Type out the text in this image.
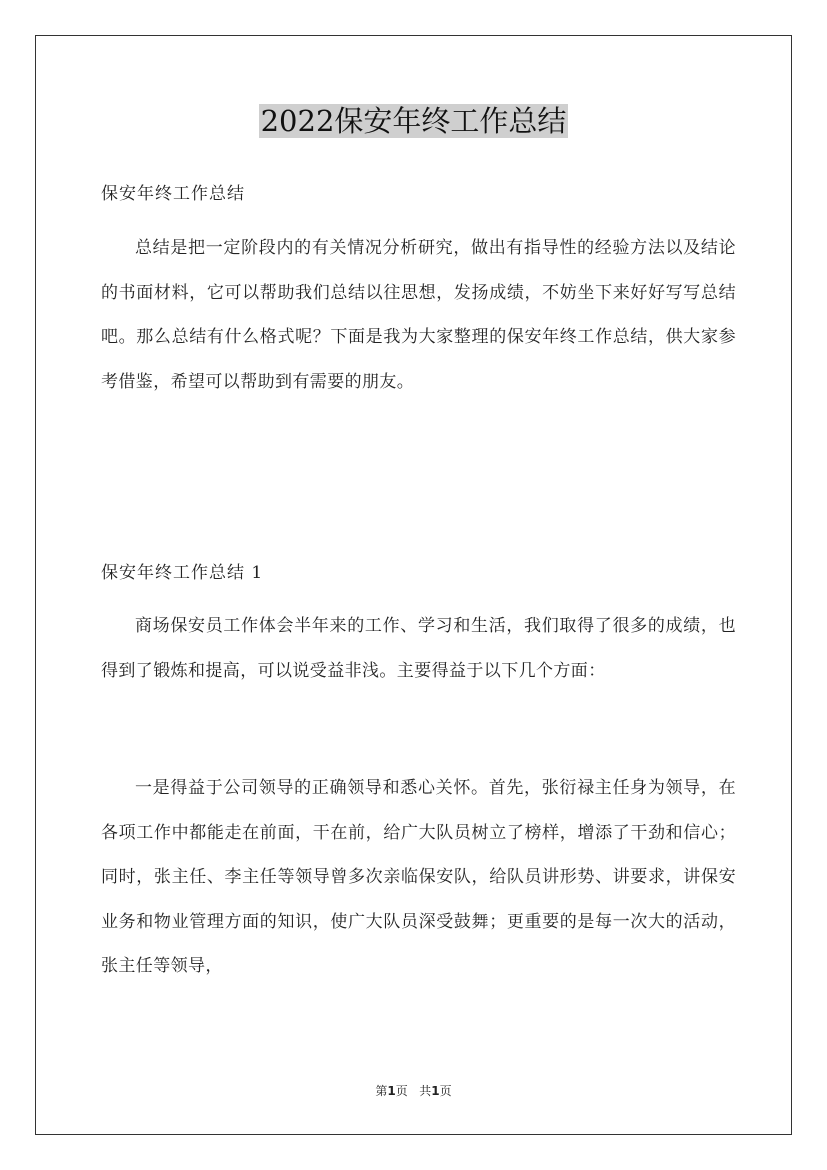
2022保安年终工作总结
保安年终工作总结

总结是把一定阶段内的有关情况分析研究，做出有指导性的经验方法以及结论的书面材料，它可以帮助我们总结以往思想，发扬成绩，不妨坐下来好好写写总结吧。那么总结有什么格式呢？下面是我为大家整理的保安年终工作总结，供大家参考借鉴，希望可以帮助到有需要的朋友。

保安年终工作总结 1

商场保安员工作体会半年来的工作、学习和生活，我们取得了很多的成绩，也得到了锻炼和提高，可以说受益非浅。主要得益于以下几个方面：

一是得益于公司领导的正确领导和悉心关怀。首先，张衍禄主任身为领导，在各项工作中都能走在前面，干在前，给广大队员树立了榜样，增添了干劲和信心；同时，张主任、李主任等领导曾多次亲临保安队，给队员讲形势、讲要求，讲保安业务和物业管理方面的知识，使广大队员深受鼓舞；更重要的是每一次大的活动，张主任等领导，

第1页 共1页
